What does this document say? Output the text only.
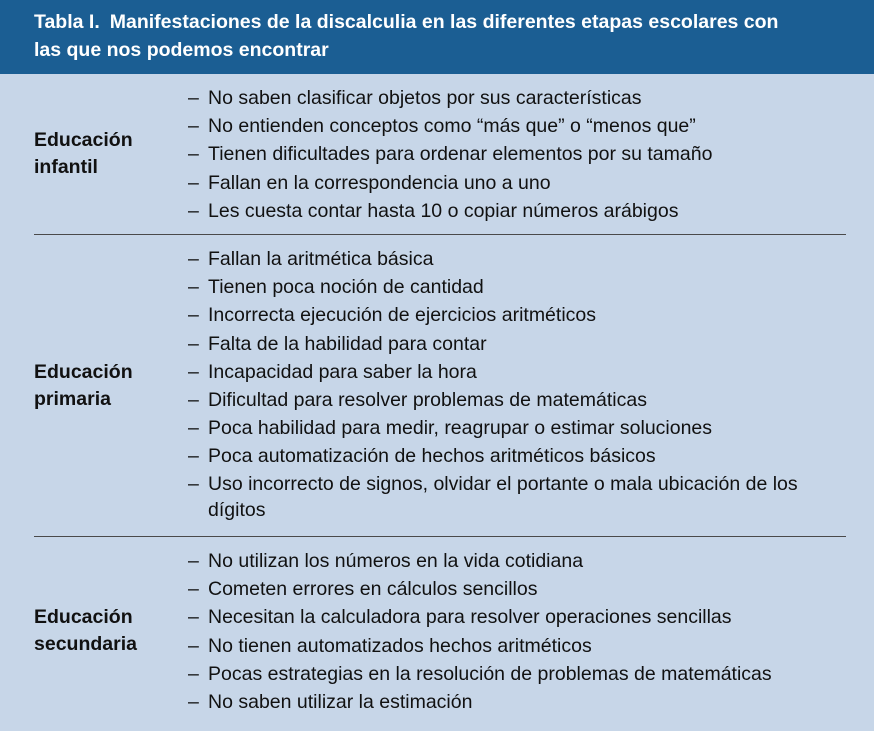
Tabla I. Manifestaciones de la discalculia en las diferentes etapas escolares con
las que nos podemos encontrar
Educación
infantil
– No saben clasificar objetos por sus características
– No entienden conceptos como “más que” o “menos que”
– Tienen dificultades para ordenar elementos por su tamaño
– Fallan en la correspondencia uno a uno
– Les cuesta contar hasta 10 o copiar números arábigos
Educación
primaria
– Fallan la aritmética básica
– Tienen poca noción de cantidad
– Incorrecta ejecución de ejercicios aritméticos
– Falta de la habilidad para contar
– Incapacidad para saber la hora
– Dificultad para resolver problemas de matemáticas
– Poca habilidad para medir, reagrupar o estimar soluciones
– Poca automatización de hechos aritméticos básicos
– Uso incorrecto de signos, olvidar el portante o mala ubicación de los dígitos
Educación
secundaria
– No utilizan los números en la vida cotidiana
– Cometen errores en cálculos sencillos
– Necesitan la calculadora para resolver operaciones sencillas
– No tienen automatizados hechos aritméticos
– Pocas estrategias en la resolución de problemas de matemáticas
– No saben utilizar la estimación
